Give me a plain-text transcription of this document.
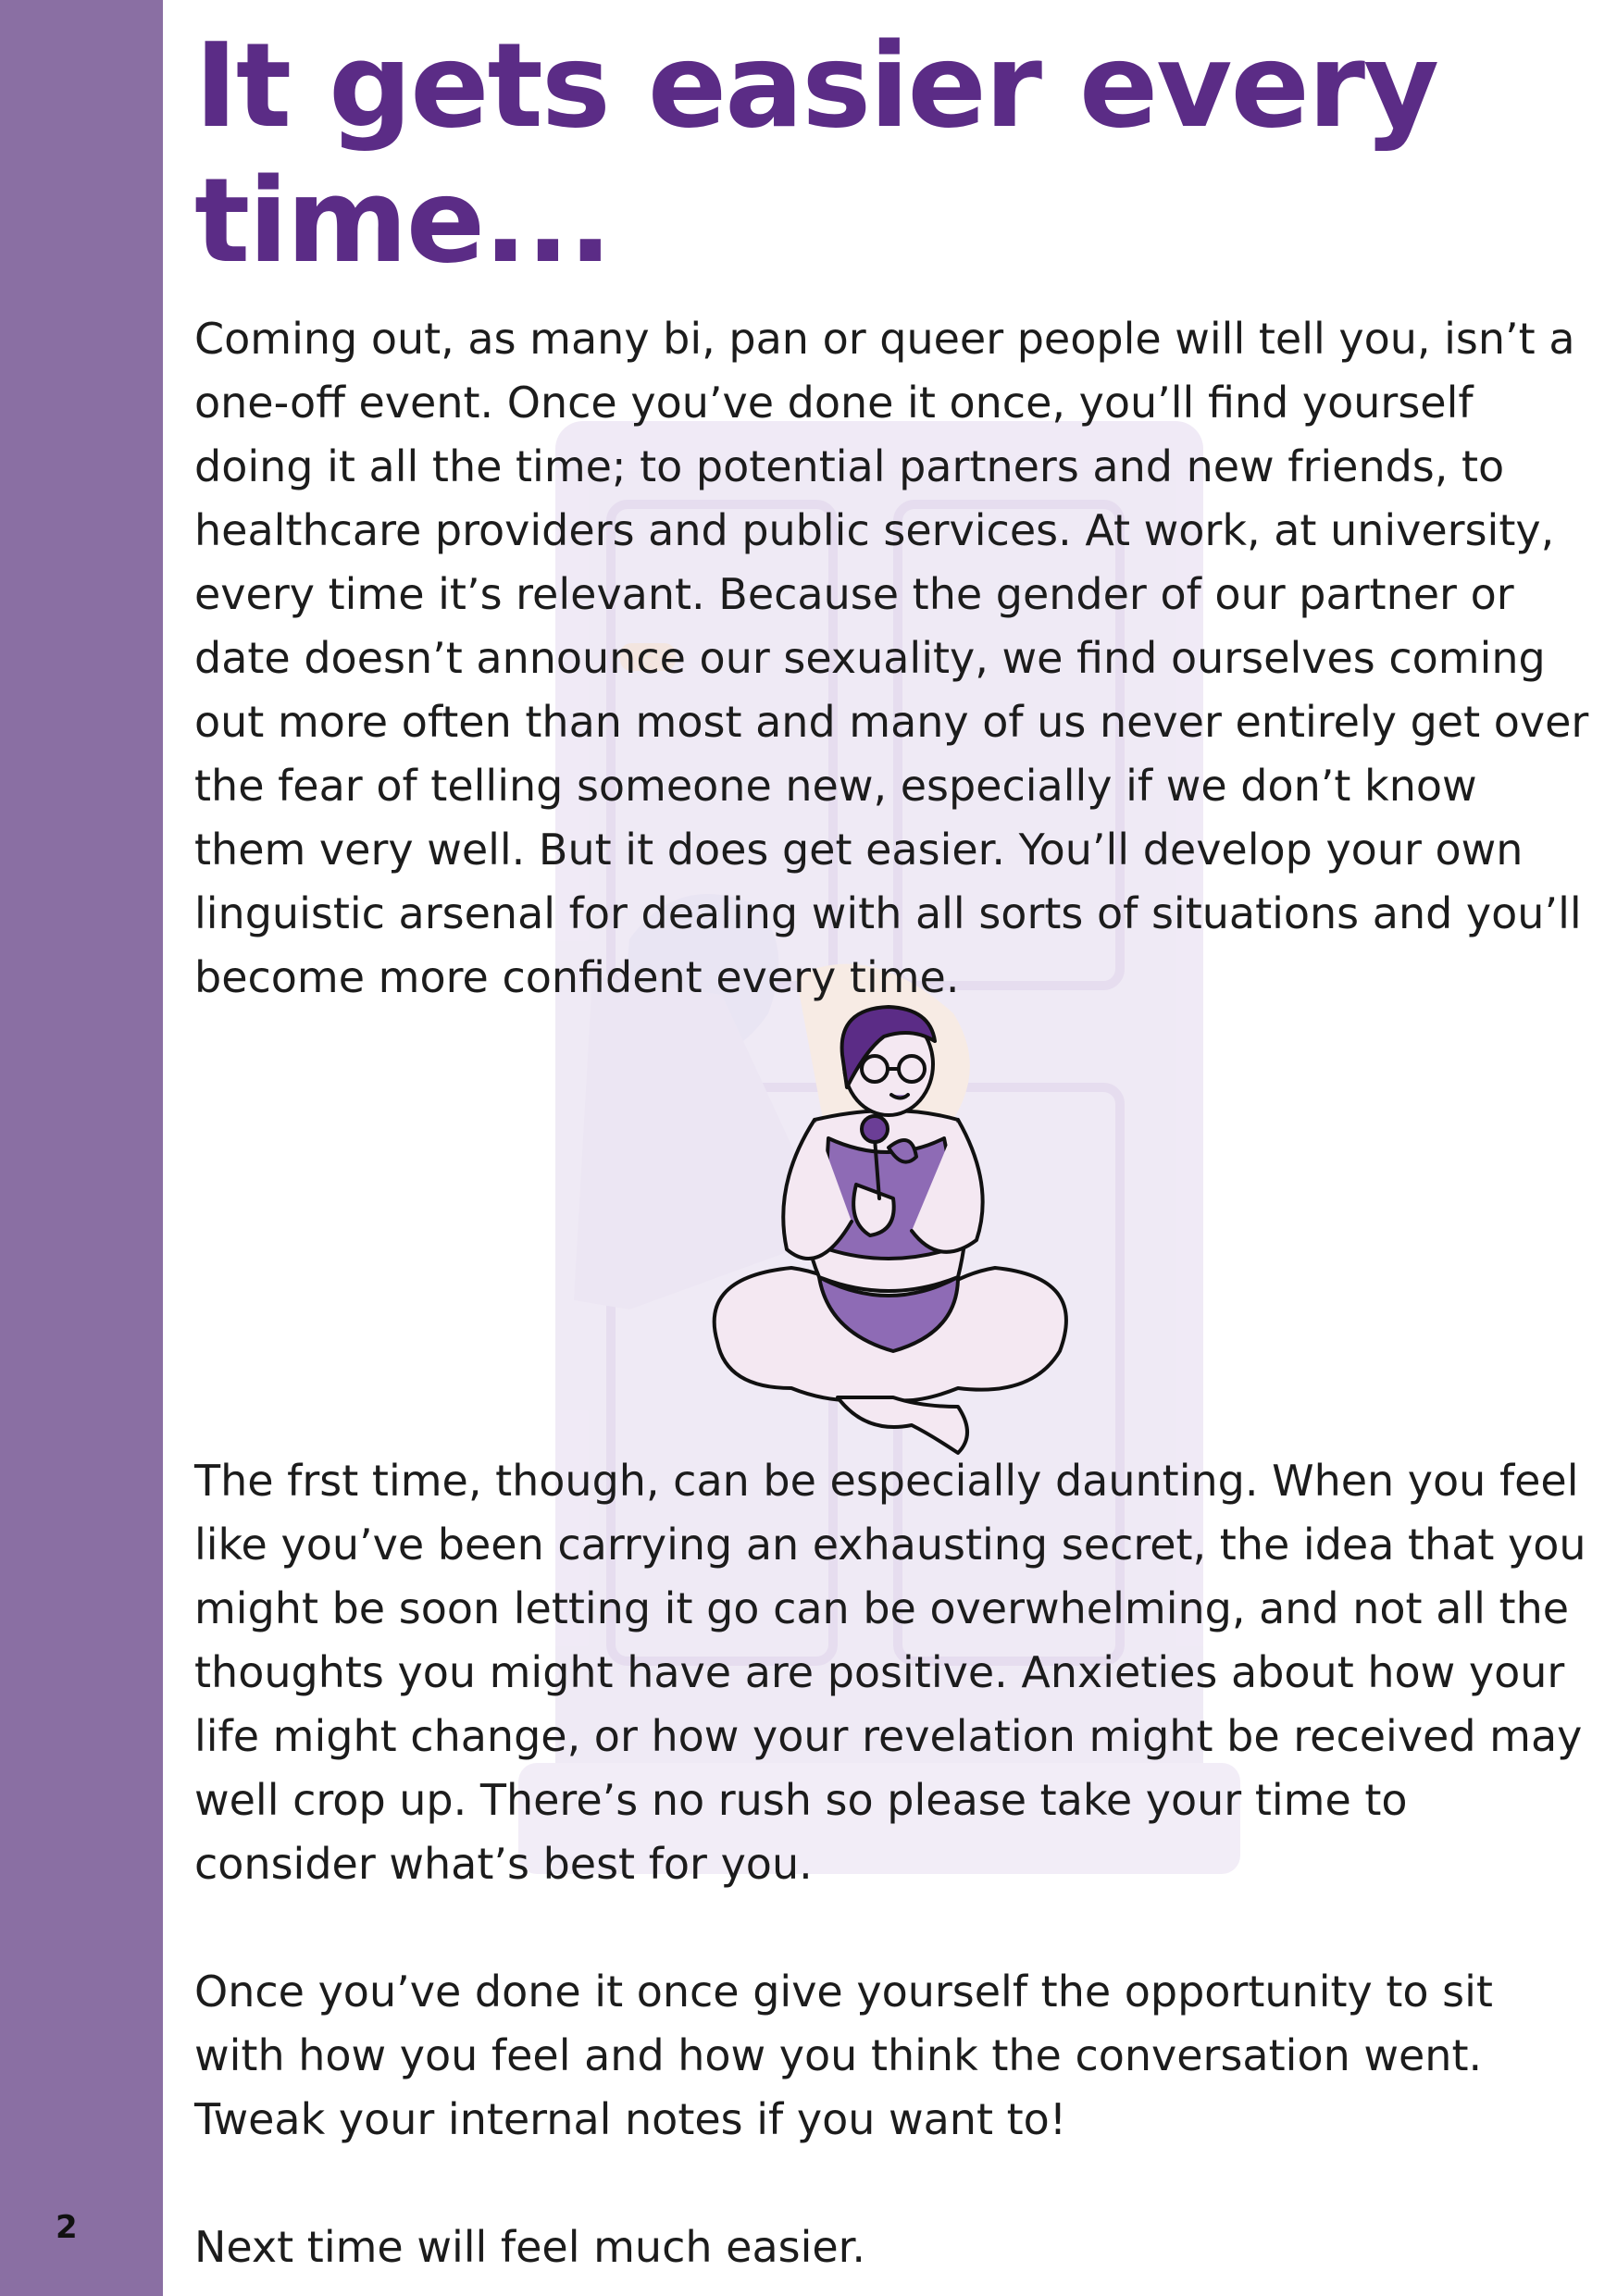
2
It gets easier every time...

Coming out, as many bi, pan or queer people will tell you, isn’t a one-off event. Once you’ve done it once, you’ll find yourself doing it all the time; to potential partners and new friends, to healthcare providers and public services. At work, at university, every time it’s relevant. Because the gender of our partner or date doesn’t announce our sexuality, we find ourselves coming out more often than most and many of us never entirely get over the fear of telling someone new, especially if we don’t know them very well. But it does get easier. You’ll develop your own linguistic arsenal for dealing with all sorts of situations and you’ll become more confident every time.

The frst time, though, can be especially daunting. When you feel like you’ve been carrying an exhausting secret, the idea that you might be soon letting it go can be overwhelming, and not all the thoughts you might have are positive. Anxieties about how your life might change, or how your revelation might be received may well crop up. There’s no rush so please take your time to consider what’s best for you.

Once you’ve done it once give yourself the opportunity to sit with how you feel and how you think the conversation went. Tweak your internal notes if you want to!

Next time will feel much easier.
